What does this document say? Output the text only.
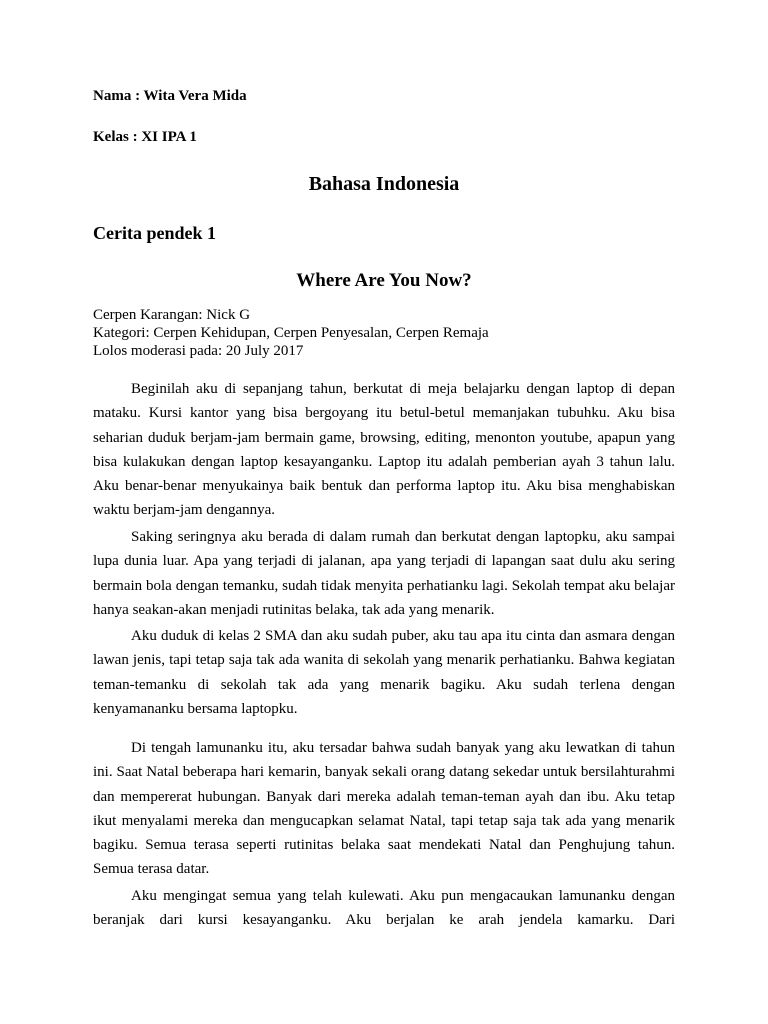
Nama : Wita Vera Mida
Kelas : XI IPA 1
Bahasa Indonesia
Cerita pendek 1
Where Are You Now?
Cerpen Karangan: Nick G
Kategori: Cerpen Kehidupan, Cerpen Penyesalan, Cerpen Remaja
Lolos moderasi pada: 20 July 2017

Beginilah aku di sepanjang tahun, berkutat di meja belajarku dengan laptop di depan mataku. Kursi kantor yang bisa bergoyang itu betul-betul memanjakan tubuhku. Aku bisa seharian duduk berjam-jam bermain game, browsing, editing, menonton youtube, apapun yang bisa kulakukan dengan laptop kesayanganku. Laptop itu adalah pemberian ayah 3 tahun lalu. Aku benar-benar menyukainya baik bentuk dan performa laptop itu. Aku bisa menghabiskan waktu berjam-jam dengannya.

Saking seringnya aku berada di dalam rumah dan berkutat dengan laptopku, aku sampai lupa dunia luar. Apa yang terjadi di jalanan, apa yang terjadi di lapangan saat dulu aku sering bermain bola dengan temanku, sudah tidak menyita perhatianku lagi. Sekolah tempat aku belajar hanya seakan-akan menjadi rutinitas belaka, tak ada yang menarik.

Aku duduk di kelas 2 SMA dan aku sudah puber, aku tau apa itu cinta dan asmara dengan lawan jenis, tapi tetap saja tak ada wanita di sekolah yang menarik perhatianku. Bahwa kegiatan teman-temanku di sekolah tak ada yang menarik bagiku. Aku sudah terlena dengan kenyamananku bersama laptopku.

Di tengah lamunanku itu, aku tersadar bahwa sudah banyak yang aku lewatkan di tahun ini. Saat Natal beberapa hari kemarin, banyak sekali orang datang sekedar untuk bersilahturahmi dan mempererat hubungan. Banyak dari mereka adalah teman-teman ayah dan ibu. Aku tetap ikut menyalami mereka dan mengucapkan selamat Natal, tapi tetap saja tak ada yang menarik bagiku. Semua terasa seperti rutinitas belaka saat mendekati Natal dan Penghujung tahun. Semua terasa datar.

Aku mengingat semua yang telah kulewati. Aku pun mengacaukan lamunanku dengan beranjak dari kursi kesayanganku. Aku berjalan ke arah jendela kamarku. Dari
